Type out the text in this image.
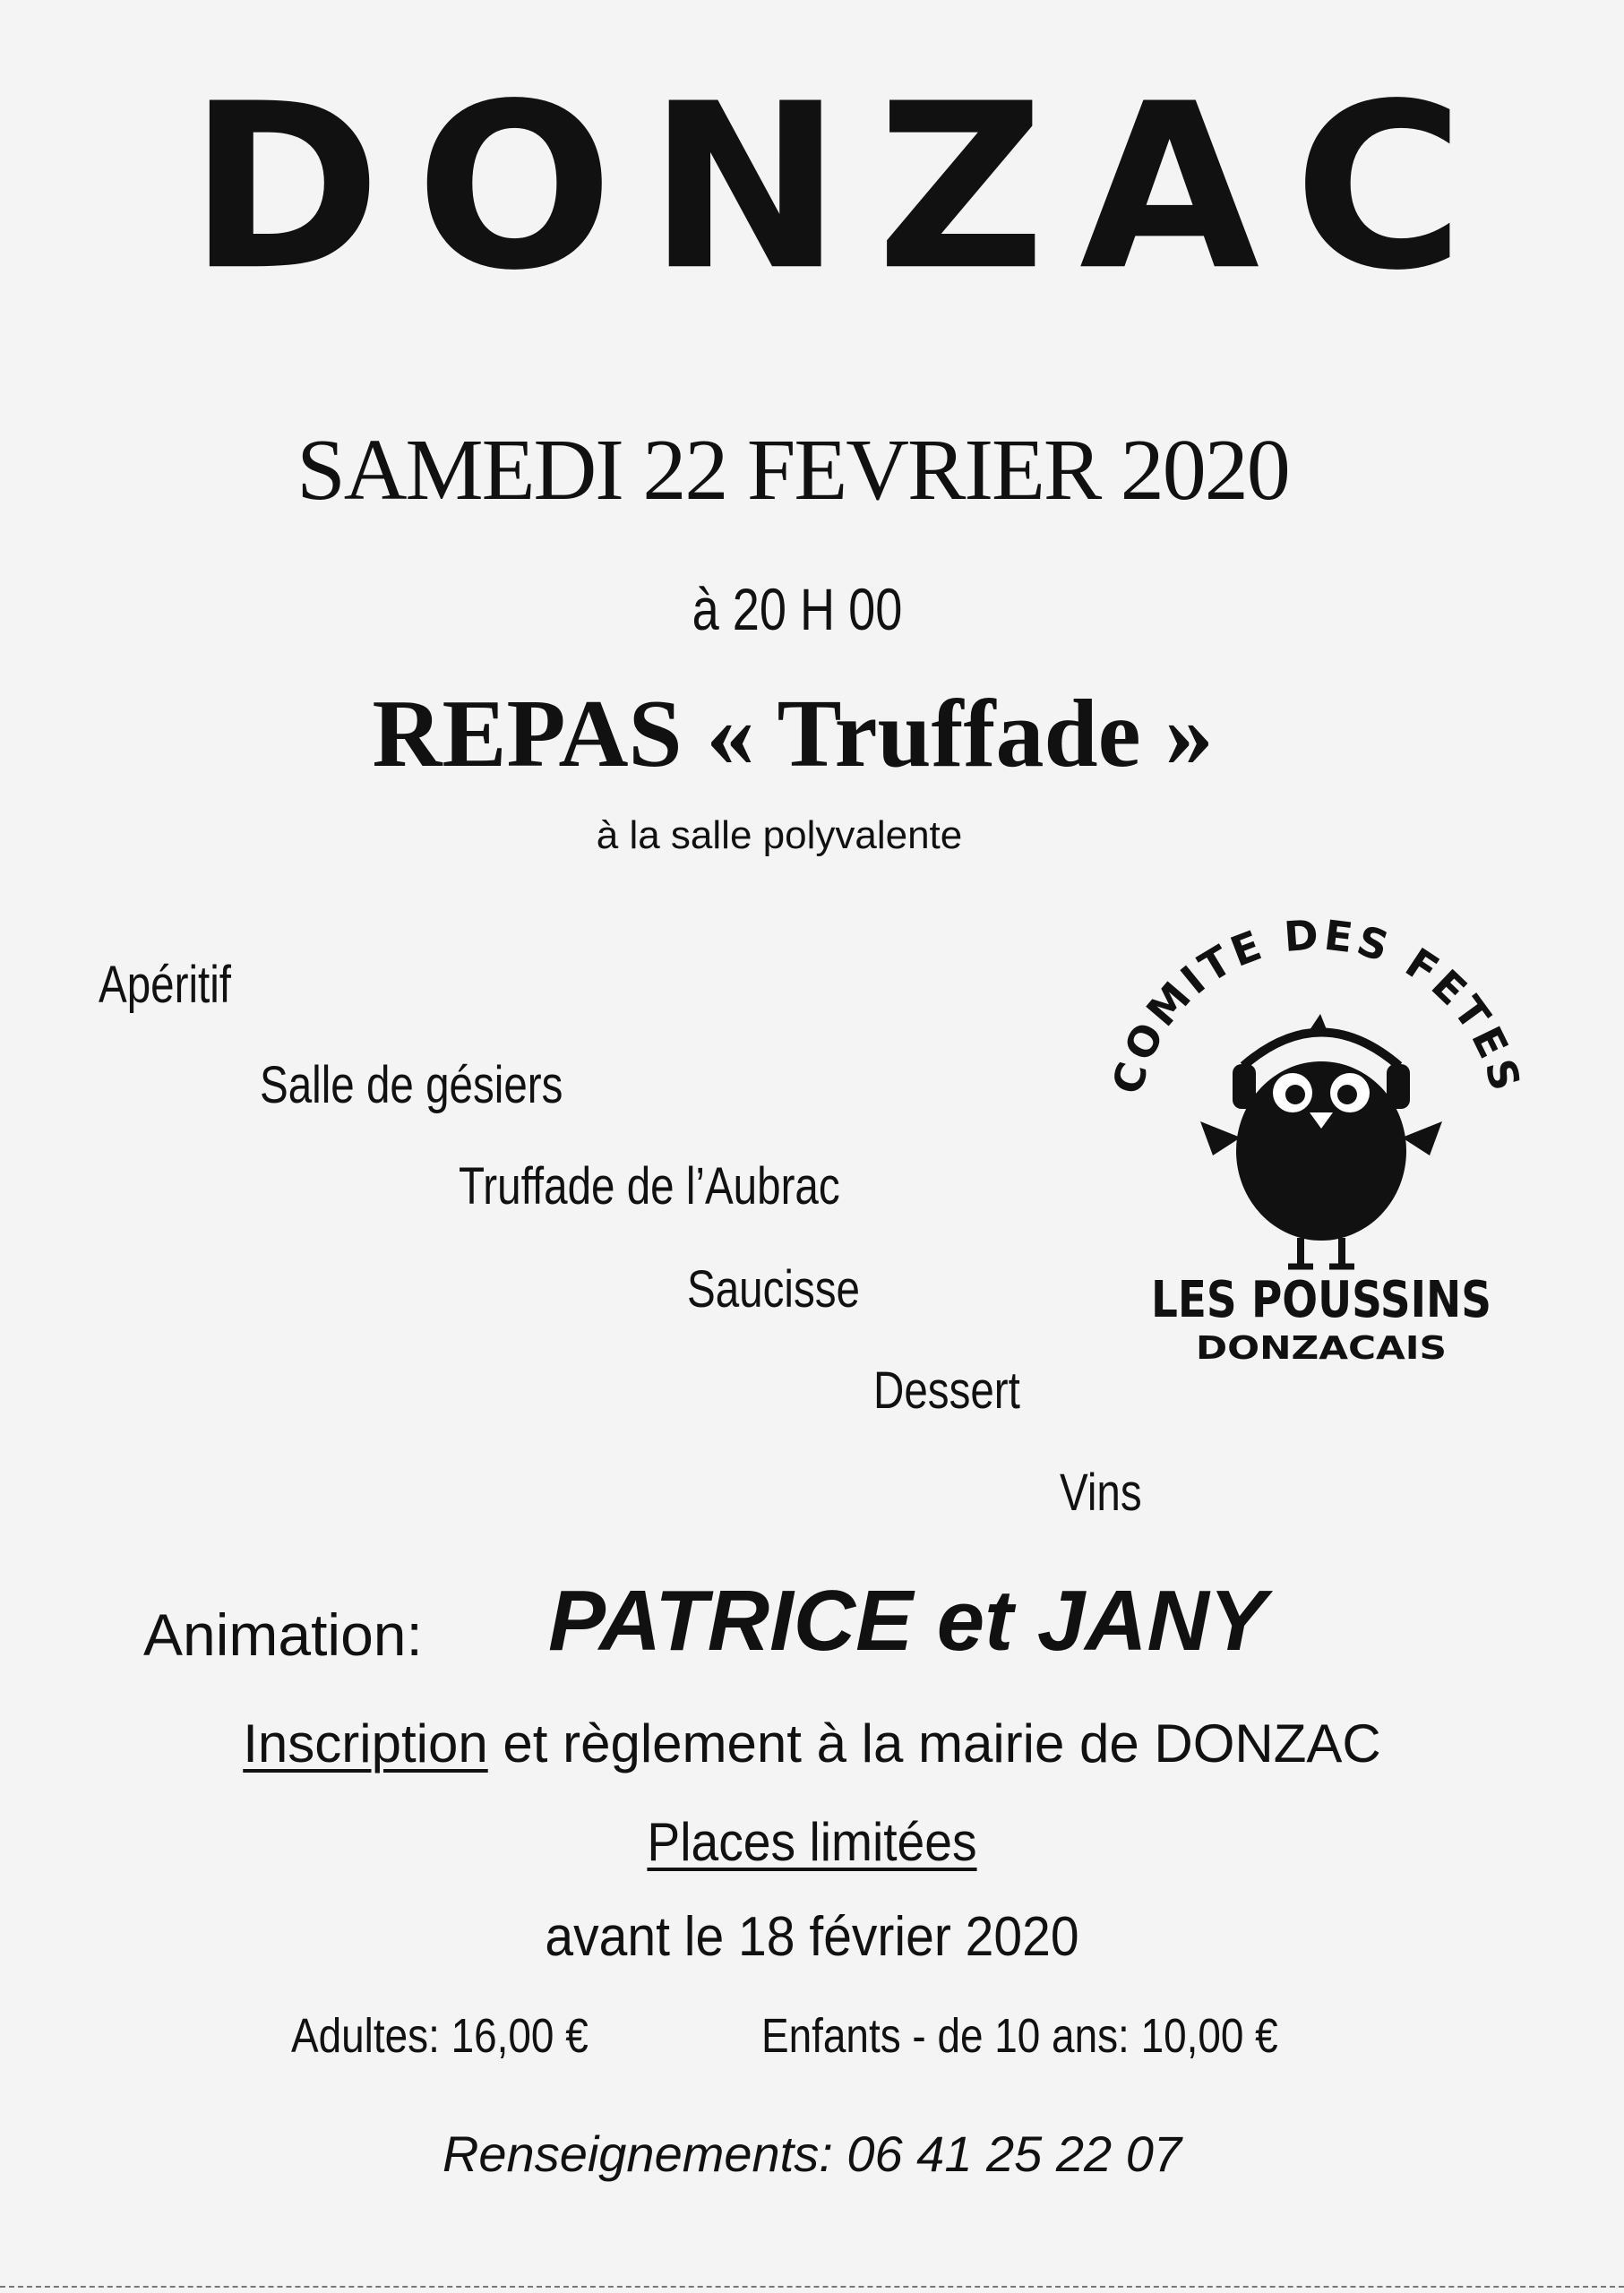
DONZAC
SAMEDI 22 FEVRIER 2020
à 20 H 00
REPAS « Truffade »
à la salle polyvalente
Apéritif
Salle de gésiers
Truffade de l’Aubrac
Saucisse
Dessert
Vins
COMITE DES FETES
LES POUSSINS
DONZACAIS
Animation: PATRICE et JANY
Inscription et règlement à la mairie de DONZAC
Places limitées
avant le 18 février 2020
Adultes: 16,00 €	Enfants - de 10 ans: 10,00 €
Renseignements: 06 41 25 22 07
